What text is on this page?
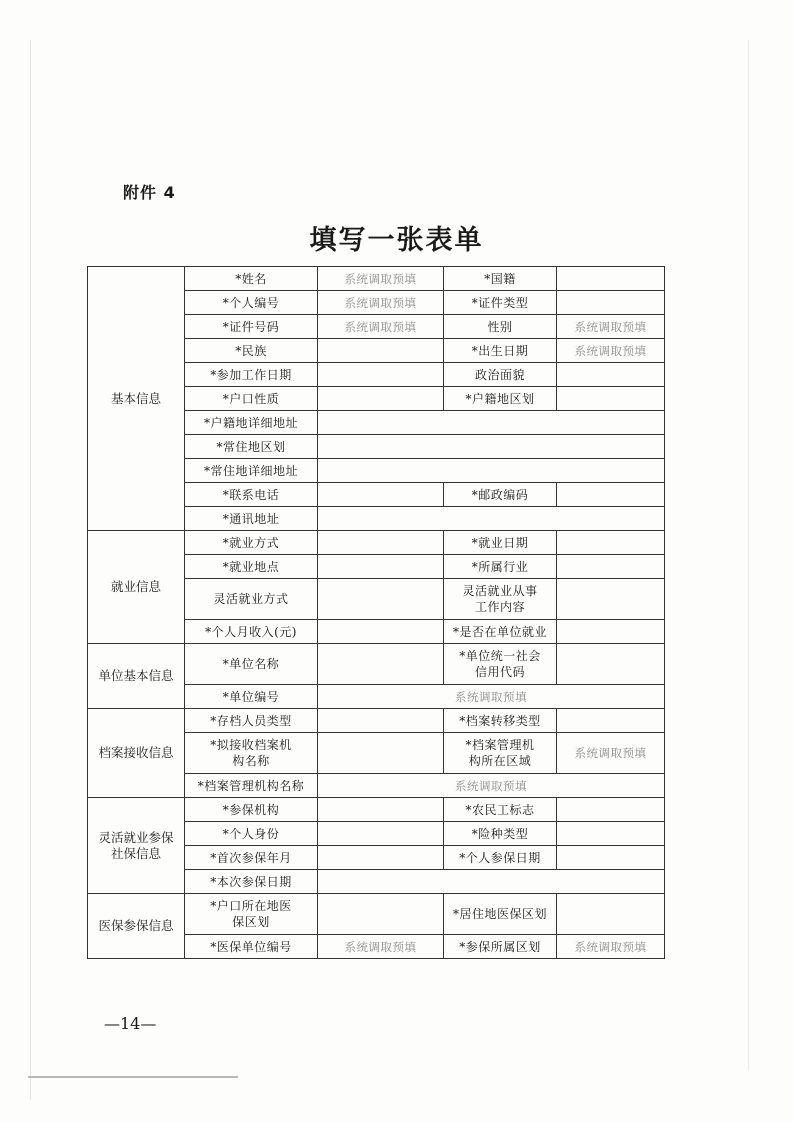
附件 4
填写一张表单
基本信息	*姓名	系统调取预填	*国籍	
	*个人编号	系统调取预填	*证件类型	
	*证件号码	系统调取预填	性别	系统调取预填
	*民族		*出生日期	系统调取预填
	*参加工作日期		政治面貌	
	*户口性质		*户籍地区划	
	*户籍地详细地址			
	*常住地区划			
	*常住地详细地址			
	*联系电话		*邮政编码	
	*通讯地址			
就业信息	*就业方式		*就业日期	
	*就业地点		*所属行业	
	灵活就业方式		灵活就业从事工作内容	
	*个人月收入(元)		*是否在单位就业	
单位基本信息	*单位名称		*单位统一社会信用代码	
	*单位编号	系统调取预填		
档案接收信息	*存档人员类型		*档案转移类型	
	*拟接收档案机构名称		*档案管理机构所在区域	系统调取预填
	*档案管理机构名称	系统调取预填		
灵活就业参保社保信息	*参保机构		*农民工标志	
	*个人身份		*险种类型	
	*首次参保年月		*个人参保日期	
	*本次参保日期			
医保参保信息	*户口所在地医保区划		*居住地医保区划	
	*医保单位编号	系统调取预填	*参保所属区划	系统调取预填
—14—
